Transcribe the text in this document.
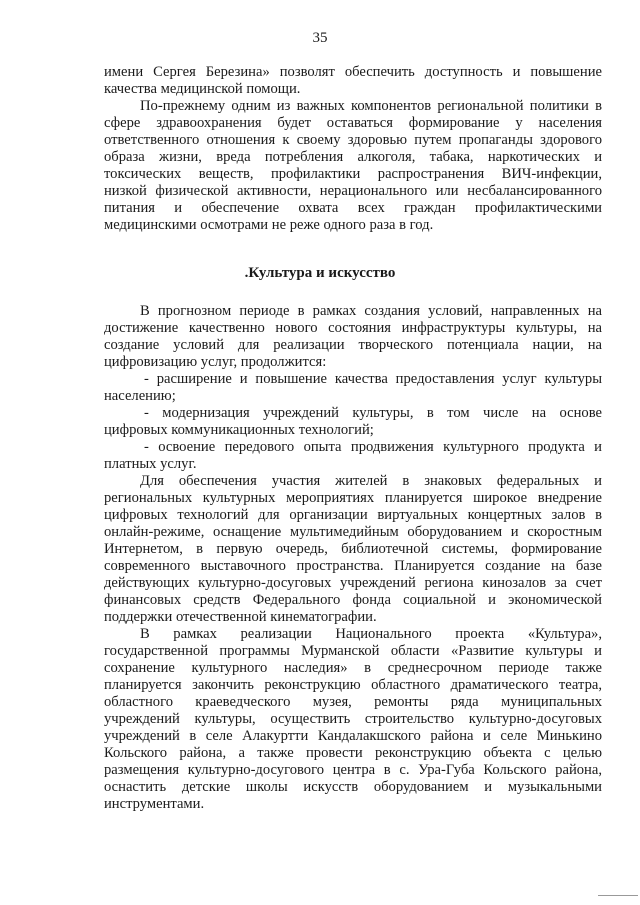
35
имени Сергея Березина» позволят обеспечить доступность и повышение
качества медицинской помощи.
По-прежнему одним из важных компонентов региональной политики в
сфере здравоохранения будет оставаться формирование у населения
ответственного отношения к своему здоровью путем пропаганды здорового
образа жизни, вреда потребления алкоголя, табака, наркотических и
токсических веществ, профилактики распространения ВИЧ-инфекции,
низкой физической активности, нерационального или несбалансированного
питания и обеспечение охвата всех граждан профилактическими
медицинскими осмотрами не реже одного раза в год.
.Культура и искусство
В прогнозном периоде в рамках создания условий, направленных на
достижение качественно нового состояния инфраструктуры культуры, на
создание условий для реализации творческого потенциала нации, на
цифровизацию услуг, продолжится:
- расширение и повышение качества предоставления услуг культуры
населению;
- модернизация учреждений культуры, в том числе на основе
цифровых коммуникационных технологий;
- освоение передового опыта продвижения культурного продукта и
платных услуг.
Для обеспечения участия жителей в знаковых федеральных и
региональных культурных мероприятиях планируется широкое внедрение
цифровых технологий для организации виртуальных концертных залов в
онлайн-режиме, оснащение мультимедийным оборудованием и скоростным
Интернетом, в первую очередь, библиотечной системы, формирование
современного выставочного пространства. Планируется создание на базе
действующих культурно-досуговых учреждений региона кинозалов за счет
финансовых средств Федерального фонда социальной и экономической
поддержки отечественной кинематографии.
В рамках реализации Национального проекта «Культура»,
государственной программы Мурманской области «Развитие культуры и
сохранение культурного наследия» в среднесрочном периоде также
планируется закончить реконструкцию областного драматического театра,
областного краеведческого музея, ремонты ряда муниципальных
учреждений культуры, осуществить строительство культурно-досуговых
учреждений в селе Алакуртти Кандалакшского района и селе Минькино
Кольского района, а также провести реконструкцию объекта с целью
размещения культурно-досугового центра в с. Ура-Губа Кольского района,
оснастить детские школы искусств оборудованием и музыкальными
инструментами.
